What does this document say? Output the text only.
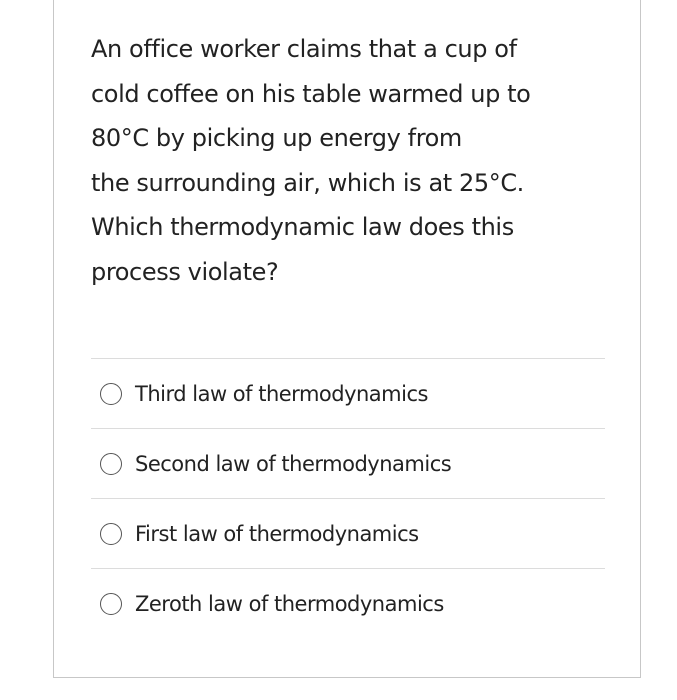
An office worker claims that a cup of
cold coffee on his table warmed up to
80°C by picking up energy from
the surrounding air, which is at 25°C.
Which thermodynamic law does this
process violate?

Third law of thermodynamics
Second law of thermodynamics
First law of thermodynamics
Zeroth law of thermodynamics
